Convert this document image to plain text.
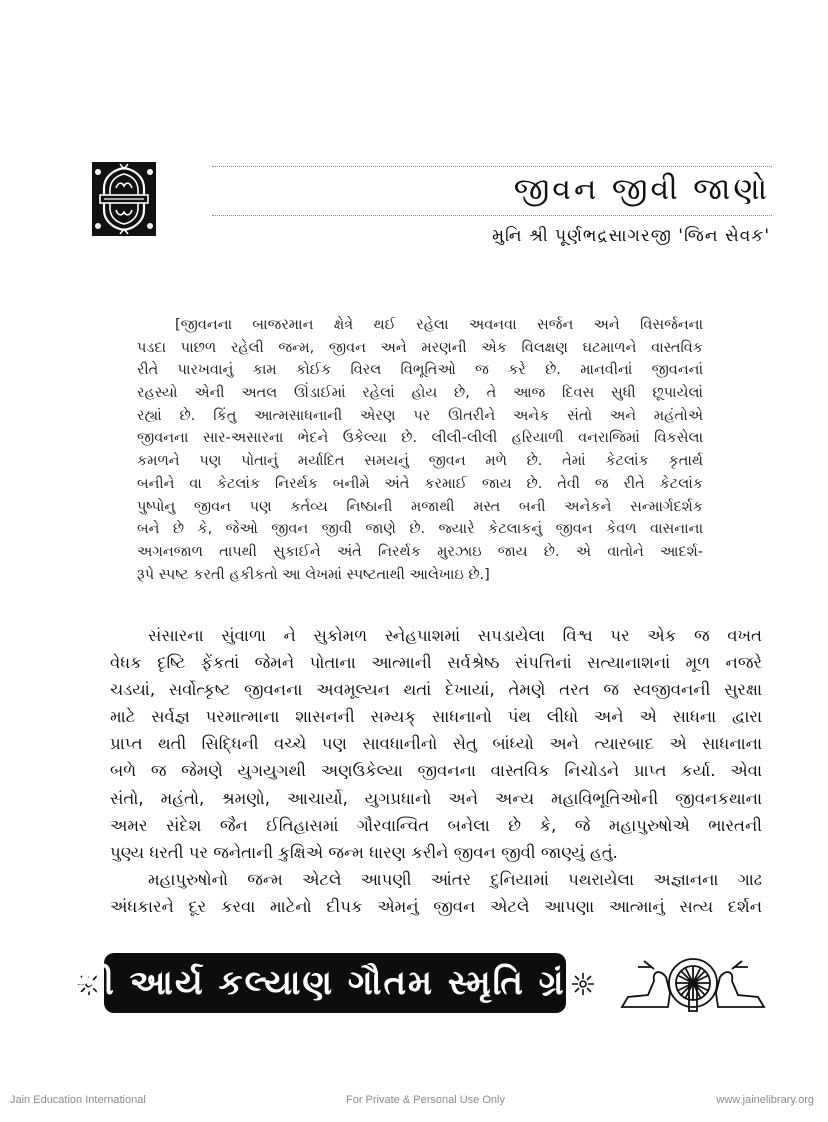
જીવન જીવી જાણો
મુનિ શ્રી પૂર્ણભદ્રસાગરજી 'જિન સેવક'
[જીવનના બાજરમાન ક્ષેત્રે થઈ રહેલા અવનવા સર્જન અને વિસર્જનના
પડદા પાછળ રહેલી જન્મ, જીવન અને મરણની એક વિલક્ષણ ઘટમાળને વાસ્તવિક
રીતે પારખવાનું કામ કોઈક વિરલ વિભૂતિઓ જ કરે છે. માનવીનાં જીવનનાં
રહસ્યો એની અતલ ઊંડાઈમાં રહેલાં હોય છે, તે આજ દિવસ સુધી છૂપાયેલાં
રહ્યાં છે. કિંતુ આત્મસાધનાની એરણ પર ઊતરીને અનેક સંતો અને મહંતોએ
જીવનના સાર-અસારના ભેદને ઉકેલ્યા છે. લીલી-લીલી હરિયાળી વનરાજિમાં વિકસેલા
કમળને પણ પોતાનું મર્યાદિત સમયનું જીવન મળે છે. તેમાં કેટલાંક કૃતાર્થ
બનીને વા કેટલાંક નિરર્થક બનીમે અંતે કરમાઈ જાય છે. તેવી જ રીતે કેટલાંક
પુષ્પોનુ જીવન પણ કર્તવ્ય નિષ્ઠાની મજાથી મસ્ત બની અનેકને સન્માર્ગદર્શક
બને છે કે, જેઓ જીવન જીવી જાણે છે. જ્યારે કેટલાકનું જીવન કેવળ વાસનાના
અગનજાળ તાપથી સુકાઈને અંતે નિરર્થક મુરઝાઇ જાય છે. એ વાતોને આદર્શ-
રૂપે સ્પષ્ટ કરતી હકીકતો આ લેખમાં સ્પષ્ટતાથી આલેખાઇ છે.]
સંસારના સુંવાળા ને સુકોમળ સ્નેહપાશમાં સપડાયેલા વિશ્વ પર એક જ વખત
વેધક દૃષ્ટિ ફેંકતાં જેમને પોતાના આત્માની સર્વશ્રેષ્ઠ સંપત્તિનાં સત્યાનાશનાં મૂળ નજરે
ચડયાં, સર્વોત્કૃષ્ટ જીવનના અવમૂલ્યન થતાં દેખાયાં, તેમણે તરત જ સ્વજીવનની સુરક્ષા
માટે સર્વજ્ઞ પરમાત્માના શાસનની સમ્યક્ સાધનાનો પંથ લીધો અને એ સાધના દ્વારા
પ્રાપ્ત થતી સિદ્ધિની વચ્ચે પણ સાવધાનીનો સેતુ બાંધ્યો અને ત્યારબાદ એ સાધનાના
બળે જ જેમણે યુગયુગથી અણઉકેલ્યા જીવનના વાસ્તવિક નિચોડને પ્રાપ્ત કર્યા. એવા
સંતો, મહંતો, શ્રમણો, આચાર્યો, યુગપ્રધાનો અને અન્ય મહાવિભૂતિઓની જીવનકથાના
અમર સંદેશ જૈન ઈતિહાસમાં ગૌરવાન્વિત બનેલા છે કે, જે મહાપુરુષોએ ભારતની
પુણ્ય ધરતી પર જનેતાની કુક્ષિએ જન્મ ધારણ કરીને જીવન જીવી જાણ્યું હતું.
મહાપુરુષોનો જન્મ એટલે આપણી આંતર દુનિયામાં પથરાયેલા અજ્ઞાનના ગાઢ
અંધકારને દૂર કરવા માટેનો દીપક એમનું જીવન એટલે આપણા આત્માનું સત્ય દર્શન
શ્રી આર્ય કલ્યાણ ગૌતમ સ્મૃતિ ગ્રંથ
Jain Education International	For Private & Personal Use Only	www.jainelibrary.org
